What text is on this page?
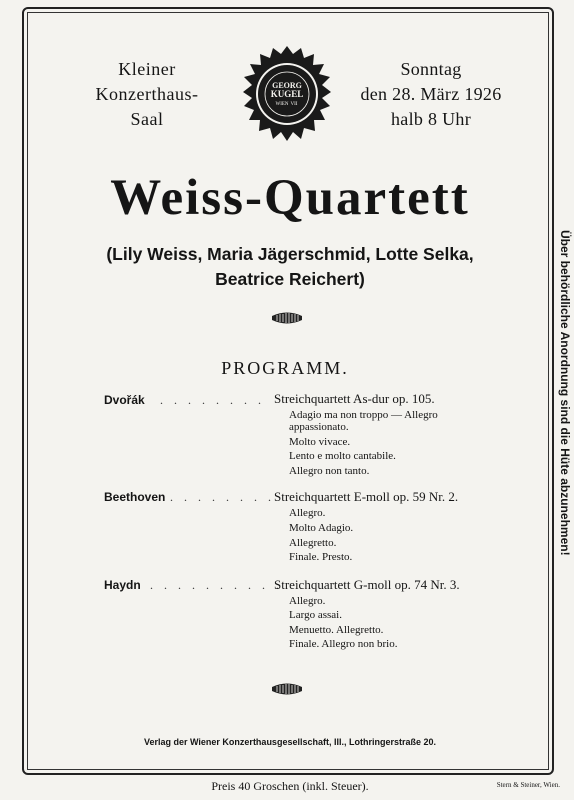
Kleiner
Konzerthaus-
Saal
GEORG
KUGEL
WIEN VII
Sonntag
den 28. März 1926
halb 8 Uhr
Weiss-Quartett
(Lily Weiss, Maria Jägerschmid, Lotte Selka,
Beatrice Reichert)
PROGRAMM.
Dvořák . . . . . . . . Streichquartett As-dur op. 105.
Adagio ma non troppo — Allegro
appassionato.
Molto vivace.
Lento e molto cantabile.
Allegro non tanto.
Beethoven . . . . . . . . Streichquartett E-moll op. 59 Nr. 2.
Allegro.
Molto Adagio.
Allegretto.
Finale. Presto.
Haydn . . . . . . . . . .
Streichquartett G-moll op. 74 Nr. 3.
Allegro.
Largo assai.
Menuetto. Allegretto.
Finale. Allegro non brio.
Verlag der Wiener Konzerthausgesellschaft, III., Lothringerstraße 20.
Preis 40 Groschen (inkl. Steuer).	Stern & Steiner, Wien.
Über behördliche Anordnung sind die Hüte abzunehmen!
